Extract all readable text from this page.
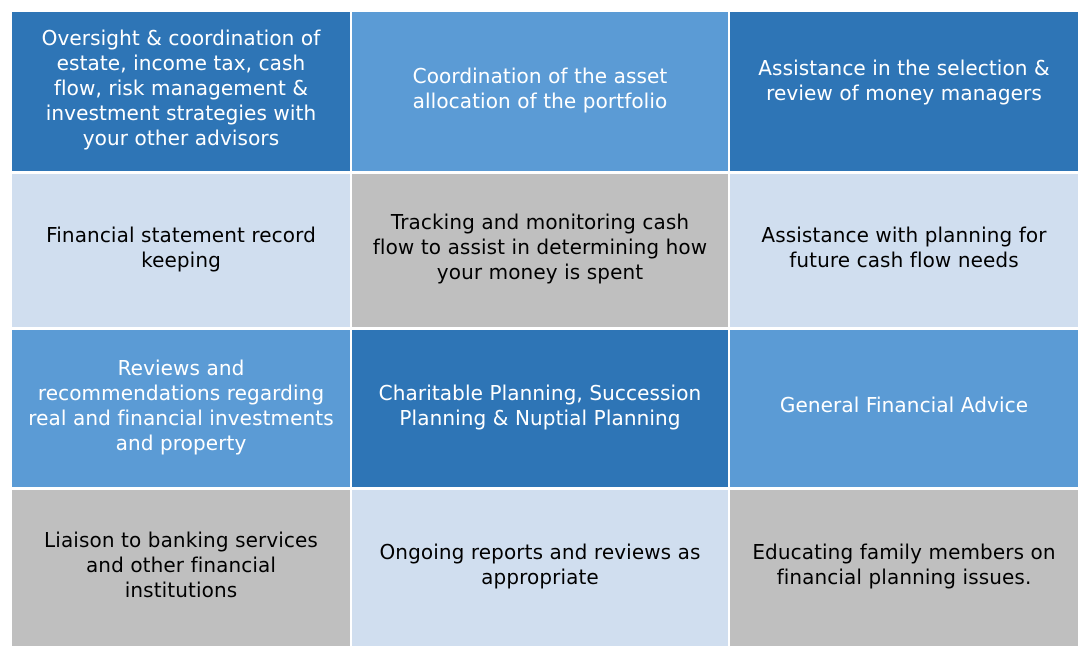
Oversight & coordination of estate, income tax, cash flow, risk management & investment strategies with your other advisors
Coordination of the asset allocation of the portfolio
Assistance in the selection & review of money managers
Financial statement record keeping
Tracking and monitoring cash flow to assist in determining how your money is spent
Assistance with planning for future cash flow needs
Reviews and recommendations regarding real and financial investments and property
Charitable Planning, Succession Planning & Nuptial Planning
General Financial Advice
Liaison to banking services and other financial institutions
Ongoing reports and reviews as appropriate
Educating family members on financial planning issues.
